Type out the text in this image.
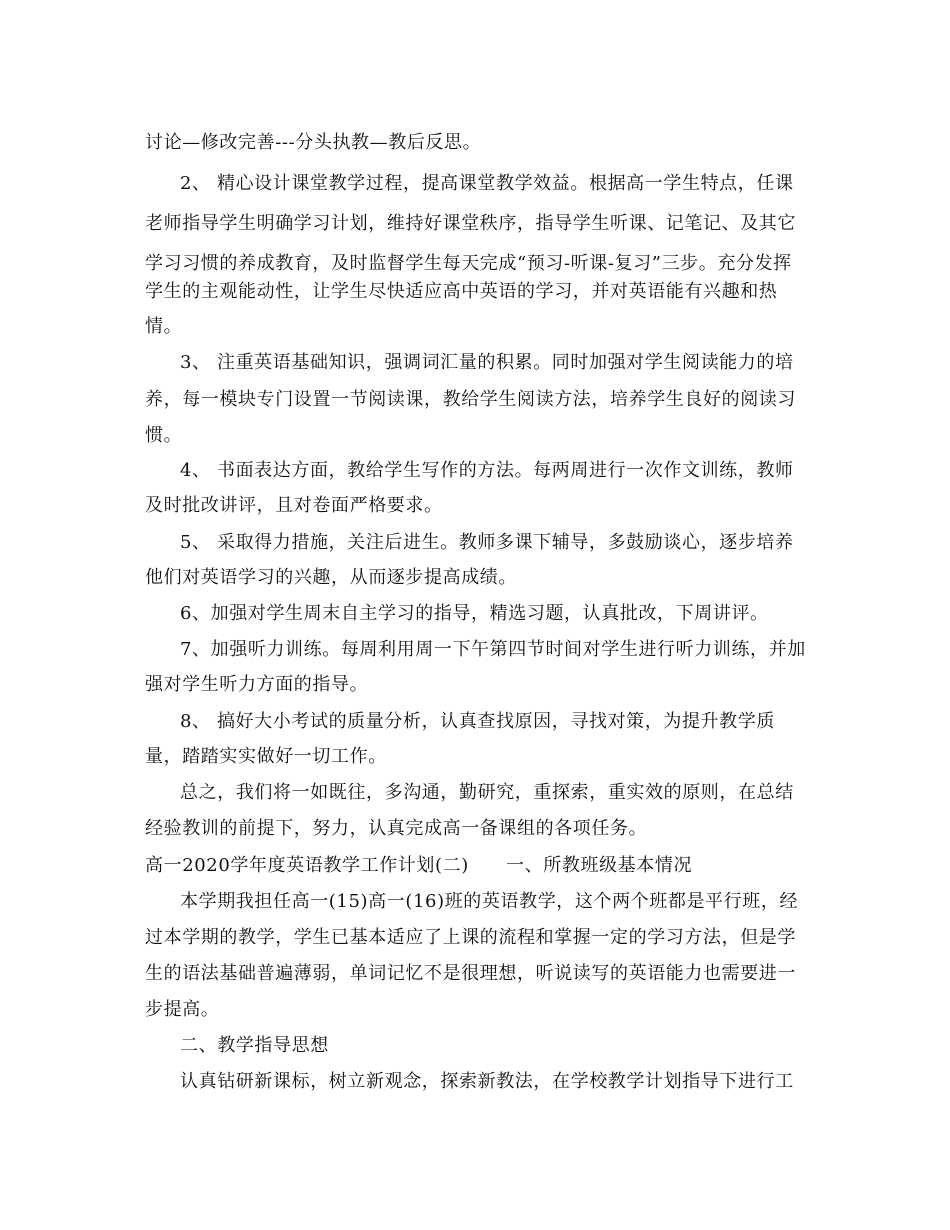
讨论—修改完善---分头执教—教后反思。
2、 精心设计课堂教学过程，提高课堂教学效益。根据高一学生特点，任课
老师指导学生明确学习计划，维持好课堂秩序，指导学生听课、记笔记、及其它
学习习惯的养成教育，及时监督学生每天完成“预习-听课-复习”三步。充分发挥
学生的主观能动性，让学生尽快适应高中英语的学习，并对英语能有兴趣和热
情。
3、 注重英语基础知识，强调词汇量的积累。同时加强对学生阅读能力的培
养，每一模块专门设置一节阅读课，教给学生阅读方法，培养学生良好的阅读习
惯。
4、 书面表达方面，教给学生写作的方法。每两周进行一次作文训练，教师
及时批改讲评，且对卷面严格要求。
5、 采取得力措施，关注后进生。教师多课下辅导，多鼓励谈心，逐步培养
他们对英语学习的兴趣，从而逐步提高成绩。
6、加强对学生周末自主学习的指导，精选习题，认真批改，下周讲评。
7、加强听力训练。每周利用周一下午第四节时间对学生进行听力训练，并加
强对学生听力方面的指导。
8、 搞好大小考试的质量分析，认真查找原因，寻找对策，为提升教学质
量，踏踏实实做好一切工作。
总之，我们将一如既往，多沟通，勤研究，重探索，重实效的原则，在总结
经验教训的前提下，努力，认真完成高一备课组的各项任务。
高一2020学年度英语教学工作计划(二)　　一、所教班级基本情况
本学期我担任高一(15)高一(16)班的英语教学，这个两个班都是平行班，经
过本学期的教学，学生已基本适应了上课的流程和掌握一定的学习方法，但是学
生的语法基础普遍薄弱，单词记忆不是很理想，听说读写的英语能力也需要进一
步提高。
二、教学指导思想
认真钻研新课标，树立新观念，探索新教法，在学校教学计划指导下进行工
